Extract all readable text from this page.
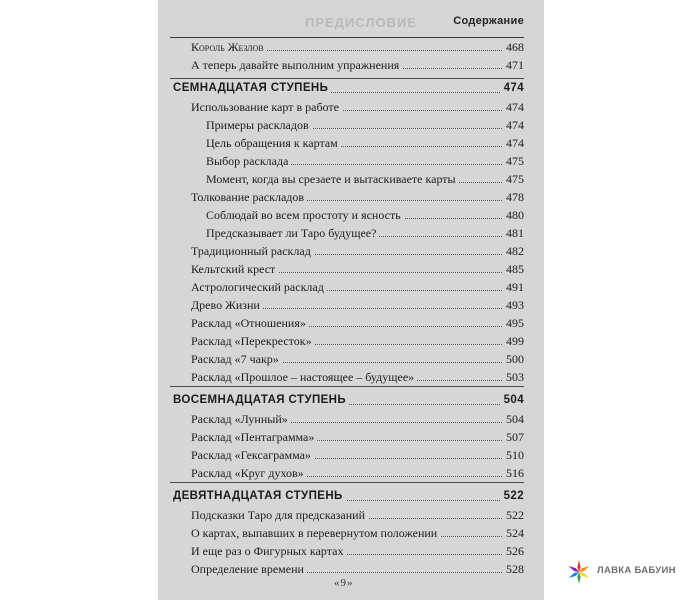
ПРЕДИСЛОВИЕ	Содержание
Король Жезлов	468
А теперь давайте выполним упражнения	471
СЕМНАДЦАТАЯ СТУПЕНЬ	474
Использование карт в работе	474
Примеры раскладов	474
Цель обращения к картам	474
Выбор расклада	475
Момент, когда вы срезаете и вытаскиваете карты	475
Толкование раскладов	478
Соблюдай во всем простоту и ясность	480
Предсказывает ли Таро будущее?	481
Традиционный расклад	482
Кельтский крест	485
Астрологический расклад	491
Древо Жизни	493
Расклад «Отношения»	495
Расклад «Перекресток»	499
Расклад «7 чакр»	500
Расклад «Прошлое – настоящее – будущее»	503
ВОСЕМНАДЦАТАЯ СТУПЕНЬ	504
Расклад «Лунный»	504
Расклад «Пентаграмма»	507
Расклад «Гексаграмма»	510
Расклад «Круг духов»	516
ДЕВЯТНАДЦАТАЯ СТУПЕНЬ	522
Подсказки Таро для предсказаний	522
О картах, выпавших в перевернутом положении	524
И еще раз о Фигурных картах	526
Определение времени	528
«9»
ЛАВКА БАБУИН
